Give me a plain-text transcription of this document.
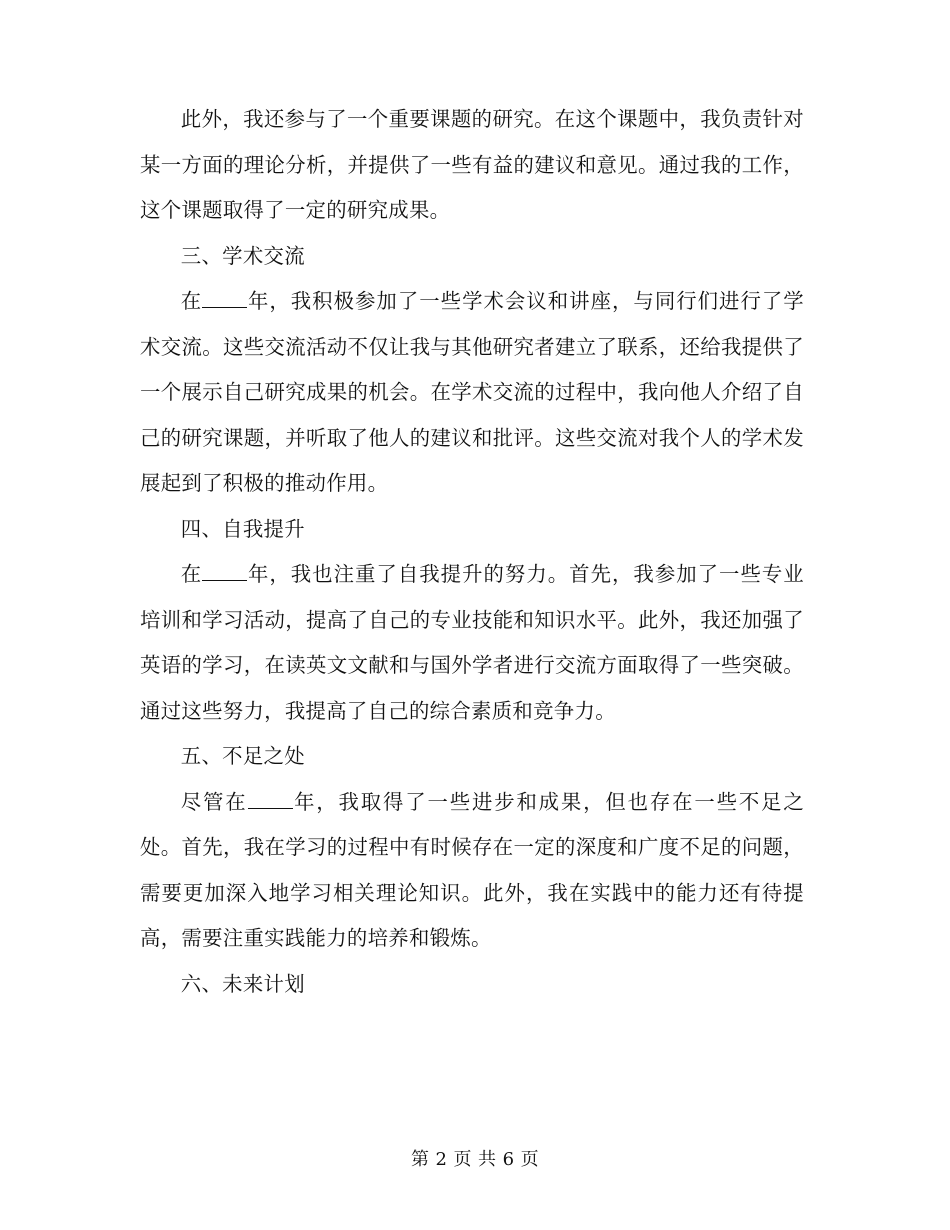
此外，我还参与了一个重要课题的研究。在这个课题中，我负责针对某一方面的理论分析，并提供了一些有益的建议和意见。通过我的工作，这个课题取得了一定的研究成果。

三、学术交流

在 年，我积极参加了一些学术会议和讲座，与同行们进行了学术交流。这些交流活动不仅让我与其他研究者建立了联系，还给我提供了一个展示自己研究成果的机会。在学术交流的过程中，我向他人介绍了自己的研究课题，并听取了他人的建议和批评。这些交流对我个人的学术发展起到了积极的推动作用。

四、自我提升

在 年，我也注重了自我提升的努力。首先，我参加了一些专业培训和学习活动，提高了自己的专业技能和知识水平。此外，我还加强了英语的学习，在读英文文献和与国外学者进行交流方面取得了一些突破。通过这些努力，我提高了自己的综合素质和竞争力。

五、不足之处

尽管在 年，我取得了一些进步和成果，但也存在一些不足之处。首先，我在学习的过程中有时候存在一定的深度和广度不足的问题，需要更加深入地学习相关理论知识。此外，我在实践中的能力还有待提高，需要注重实践能力的培养和锻炼。

六、未来计划

第 2 页 共 6 页
